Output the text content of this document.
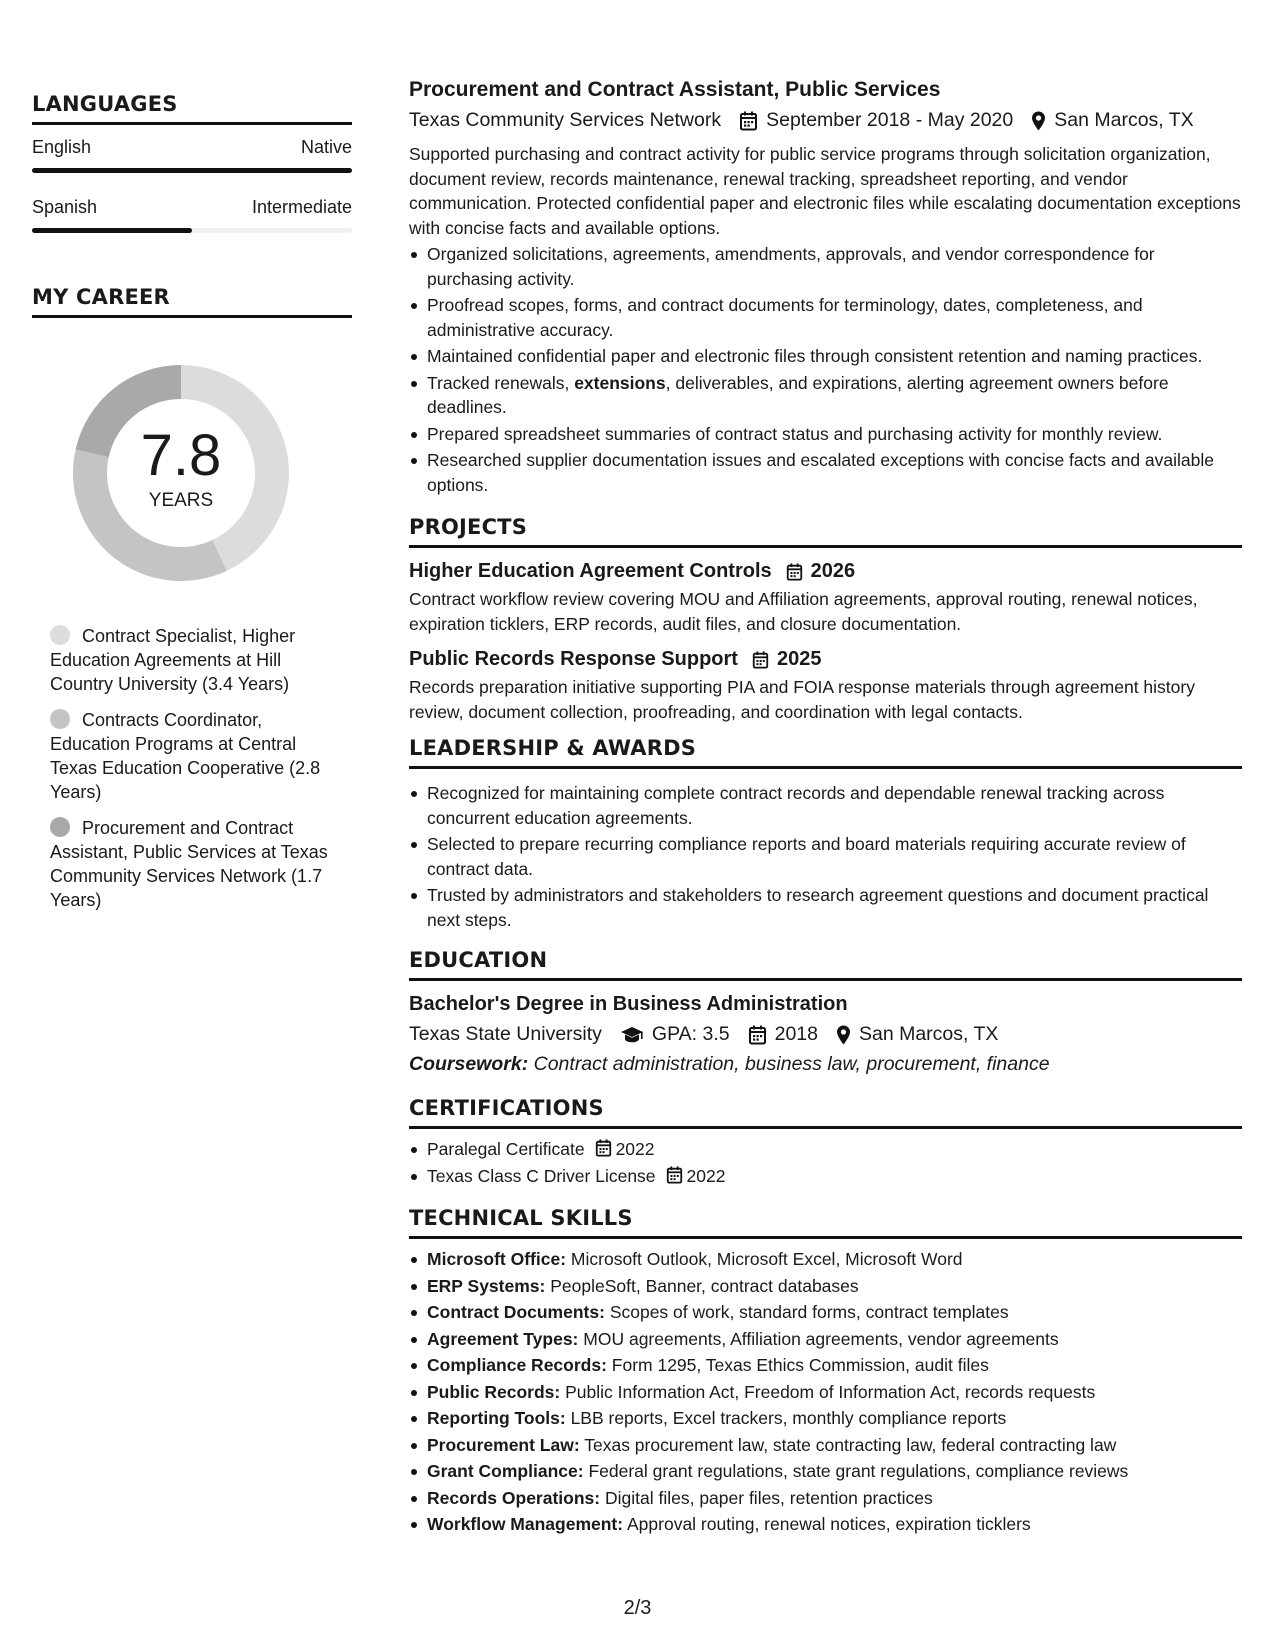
LANGUAGES
English	Native
Spanish	Intermediate
MY CAREER
7.8
YEARS
Contract Specialist, Higher Education Agreements at Hill Country University (3.4 Years)
Contracts Coordinator, Education Programs at Central Texas Education Cooperative (2.8 Years)
Procurement and Contract Assistant, Public Services at Texas Community Services Network (1.7 Years)
Procurement and Contract Assistant, Public Services
Texas Community Services Network September 2018 - May 2020 San Marcos, TX
Supported purchasing and contract activity for public service programs through solicitation organization, document review, records maintenance, renewal tracking, spreadsheet reporting, and vendor communication. Protected confidential paper and electronic files while escalating documentation exceptions with concise facts and available options.
Organized solicitations, agreements, amendments, approvals, and vendor correspondence for purchasing activity.
Proofread scopes, forms, and contract documents for terminology, dates, completeness, and administrative accuracy.
Maintained confidential paper and electronic files through consistent retention and naming practices.
Tracked renewals, extensions, deliverables, and expirations, alerting agreement owners before deadlines.
Prepared spreadsheet summaries of contract status and purchasing activity for monthly review.
Researched supplier documentation issues and escalated exceptions with concise facts and available options.
PROJECTS
Higher Education Agreement Controls 2026
Contract workflow review covering MOU and Affiliation agreements, approval routing, renewal notices, expiration ticklers, ERP records, audit files, and closure documentation.
Public Records Response Support 2025
Records preparation initiative supporting PIA and FOIA response materials through agreement history review, document collection, proofreading, and coordination with legal contacts.
LEADERSHIP & AWARDS
Recognized for maintaining complete contract records and dependable renewal tracking across concurrent education agreements.
Selected to prepare recurring compliance reports and board materials requiring accurate review of contract data.
Trusted by administrators and stakeholders to research agreement questions and document practical next steps.
EDUCATION
Bachelor's Degree in Business Administration
Texas State University	GPA: 3.5 2018 San Marcos, TX
Coursework: Contract administration, business law, procurement, finance
CERTIFICATIONS
Paralegal Certificate 2022
Texas Class C Driver License 2022
TECHNICAL SKILLS
Microsoft Office: Microsoft Outlook, Microsoft Excel, Microsoft Word
ERP Systems: PeopleSoft, Banner, contract databases
Contract Documents: Scopes of work, standard forms, contract templates
Agreement Types: MOU agreements, Affiliation agreements, vendor agreements
Compliance Records: Form 1295, Texas Ethics Commission, audit files
Public Records: Public Information Act, Freedom of Information Act, records requests
Reporting Tools: LBB reports, Excel trackers, monthly compliance reports
Procurement Law: Texas procurement law, state contracting law, federal contracting law
Grant Compliance: Federal grant regulations, state grant regulations, compliance reviews
Records Operations: Digital files, paper files, retention practices
Workflow Management: Approval routing, renewal notices, expiration ticklers
2/3
